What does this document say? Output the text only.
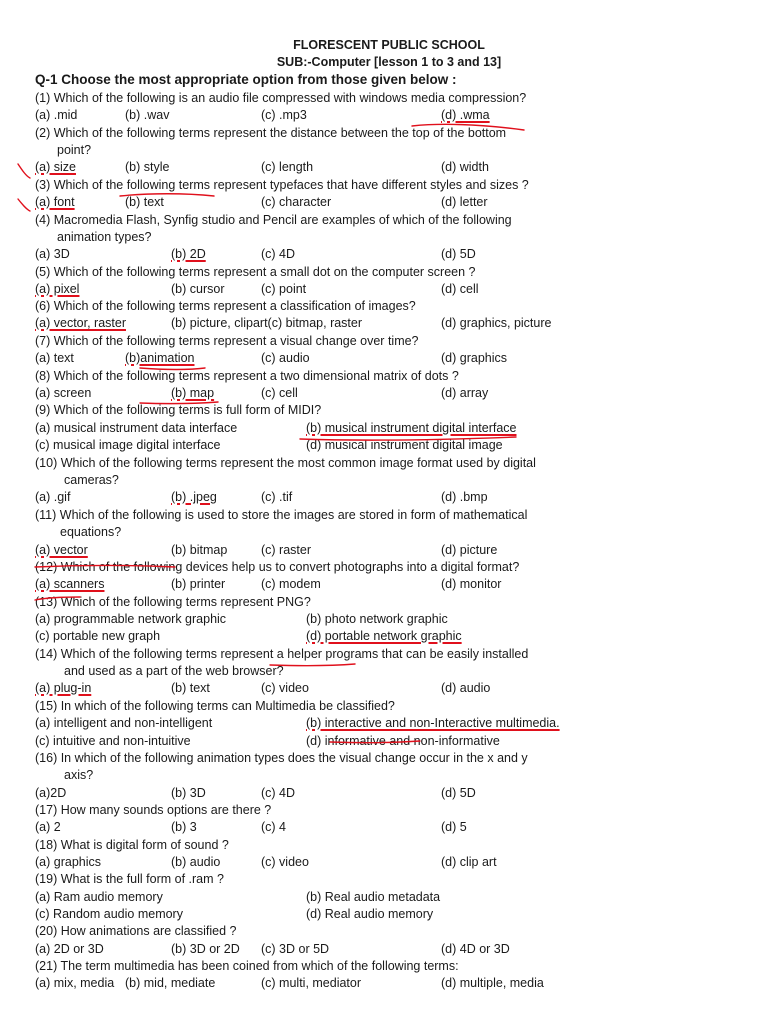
FLORESCENT PUBLIC SCHOOL
SUB:-Computer [lesson 1 to 3 and 13]
Q-1 Choose the most appropriate option from those given below :
(1) Which of the following is an audio file compressed with windows media compression?
(a) .mid	(b) .wav	(c) .mp3	(d) .wma
(2) Which of the following terms represent the distance between the top of the bottom
point?
(a) size	(b) style	(c) length	(d) width
(3) Which of the following terms represent typefaces that have different styles and sizes ?
(a) font	(b) text	(c) character	(d) letter
(4) Macromedia Flash, Synfig studio and Pencil are examples of which of the following
animation types?
(a) 3D	(b) 2D	(c) 4D	(d) 5D
(5) Which of the following terms represent a small dot on the computer screen ?
(a) pixel	(b) cursor	(c) point	(d) cell
(6) Which of the following terms represent a classification of images?
(a) vector, raster	(b) picture, clipart(c) bitmap, raster	(d) graphics, picture
(7) Which of the following terms represent a visual change over time?
(a) text	(b)animation	(c) audio	(d) graphics
(8) Which of the following terms represent a two dimensional matrix of dots ?
(a) screen	(b) map	(c) cell	(d) array
(9) Which of the following terms is full form of MIDI?
(a) musical instrument data interface	(b) musical instrument digital interface
(c) musical image digital interface	(d) musical instrument digital image
(10) Which of the following terms represent the most common image format used by digital
cameras?
(a) .gif	(b) .jpeg	(c) .tif	(d) .bmp
(11) Which of the following is used to store the images are stored in form of mathematical
equations?
(a) vector	(b) bitmap	(c) raster	(d) picture
(12) Which of the following devices help us to convert photographs into a digital format?
(a) scanners	(b) printer	(c) modem	(d) monitor
(13) Which of the following terms represent PNG?
(a) programmable network graphic	(b) photo network graphic
(c) portable new graph	(d) portable network graphic
(14) Which of the following terms represent a helper programs that can be easily installed
and used as a part of the web browser?
(a) plug-in	(b) text	(c) video	(d) audio
(15) In which of the following terms can Multimedia be classified?
(a) intelligent and non-intelligent	(b) interactive and non-Interactive multimedia.
(c) intuitive and non-intuitive	(d) informative and non-informative
(16) In which of the following animation types does the visual change occur in the x and y
axis?
(a)2D	(b) 3D	(c) 4D	(d) 5D
(17) How many sounds options are there ?
(a) 2	(b) 3	(c) 4	(d) 5
(18) What is digital form of sound ?
(a) graphics	(b) audio	(c) video	(d) clip art
(19) What is the full form of .ram ?
(a) Ram audio memory	(b) Real audio metadata
(c) Random audio memory	(d) Real audio memory
(20) How animations are classified ?
(a) 2D or 3D	(b) 3D or 2D (c) 3D or 5D	(d) 4D or 3D
(21) The term multimedia has been coined from which of the following terms:
(a) mix, media (b) mid, mediate	(c) multi, mediator	(d) multiple, media
